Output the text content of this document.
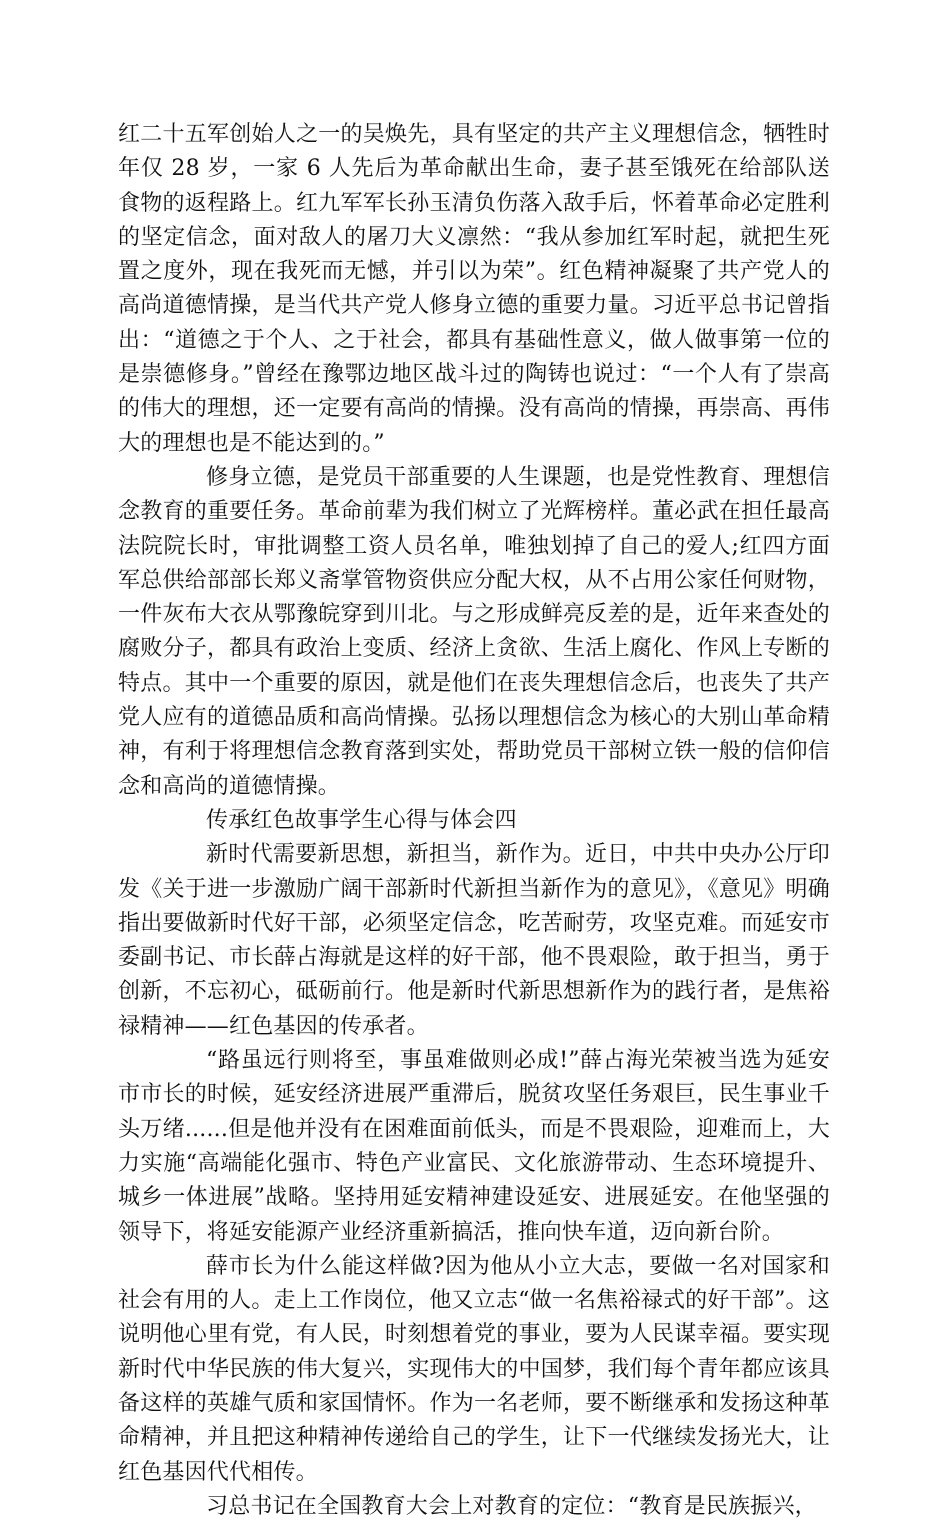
红二十五军创始人之一的吴焕先，具有坚定的共产主义理想信念，牺牲时年仅 28 岁，一家 6 人先后为革命献出生命，妻子甚至饿死在给部队送食物的返程路上。红九军军长孙玉清负伤落入敌手后，怀着革命必定胜利的坚定信念，面对敌人的屠刀大义凛然：“我从参加红军时起，就把生死置之度外，现在我死而无憾，并引以为荣”。红色精神凝聚了共产党人的高尚道德情操，是当代共产党人修身立德的重要力量。习近平总书记曾指出：“道德之于个人、之于社会，都具有基础性意义，做人做事第一位的是崇德修身。”曾经在豫鄂边地区战斗过的陶铸也说过：“一个人有了崇高的伟大的理想，还一定要有高尚的情操。没有高尚的情操，再崇高、再伟大的理想也是不能达到的。”

修身立德，是党员干部重要的人生课题，也是党性教育、理想信念教育的重要任务。革命前辈为我们树立了光辉榜样。董必武在担任最高法院院长时，审批调整工资人员名单，唯独划掉了自己的爱人;红四方面军总供给部部长郑义斋掌管物资供应分配大权，从不占用公家任何财物，一件灰布大衣从鄂豫皖穿到川北。与之形成鲜亮反差的是，近年来查处的腐败分子，都具有政治上变质、经济上贪欲、生活上腐化、作风上专断的特点。其中一个重要的原因，就是他们在丧失理想信念后，也丧失了共产党人应有的道德品质和高尚情操。弘扬以理想信念为核心的大别山革命精神，有利于将理想信念教育落到实处，帮助党员干部树立铁一般的信仰信念和高尚的道德情操。

传承红色故事学生心得与体会四

新时代需要新思想，新担当，新作为。近日，中共中央办公厅印发《关于进一步激励广阔干部新时代新担当新作为的意见》，《意见》明确指出要做新时代好干部，必须坚定信念，吃苦耐劳，攻坚克难。而延安市委副书记、市长薛占海就是这样的好干部，他不畏艰险，敢于担当，勇于创新，不忘初心，砥砺前行。他是新时代新思想新作为的践行者，是焦裕禄精神——红色基因的传承者。

“路虽远行则将至，事虽难做则必成!”薛占海光荣被当选为延安市市长的时候，延安经济进展严重滞后，脱贫攻坚任务艰巨，民生事业千头万绪......但是他并没有在困难面前低头，而是不畏艰险，迎难而上，大力实施“高端能化强市、特色产业富民、文化旅游带动、生态环境提升、城乡一体进展”战略。坚持用延安精神建设延安、进展延安。在他坚强的领导下，将延安能源产业经济重新搞活，推向快车道，迈向新台阶。

薛市长为什么能这样做?因为他从小立大志，要做一名对国家和社会有用的人。走上工作岗位，他又立志“做一名焦裕禄式的好干部”。这说明他心里有党，有人民，时刻想着党的事业，要为人民谋幸福。要实现新时代中华民族的伟大复兴，实现伟大的中国梦，我们每个青年都应该具备这样的英雄气质和家国情怀。作为一名老师，要不断继承和发扬这种革命精神，并且把这种精神传递给自己的学生，让下一代继续发扬光大，让红色基因代代相传。

习总书记在全国教育大会上对教育的定位：“教育是民族振兴，
